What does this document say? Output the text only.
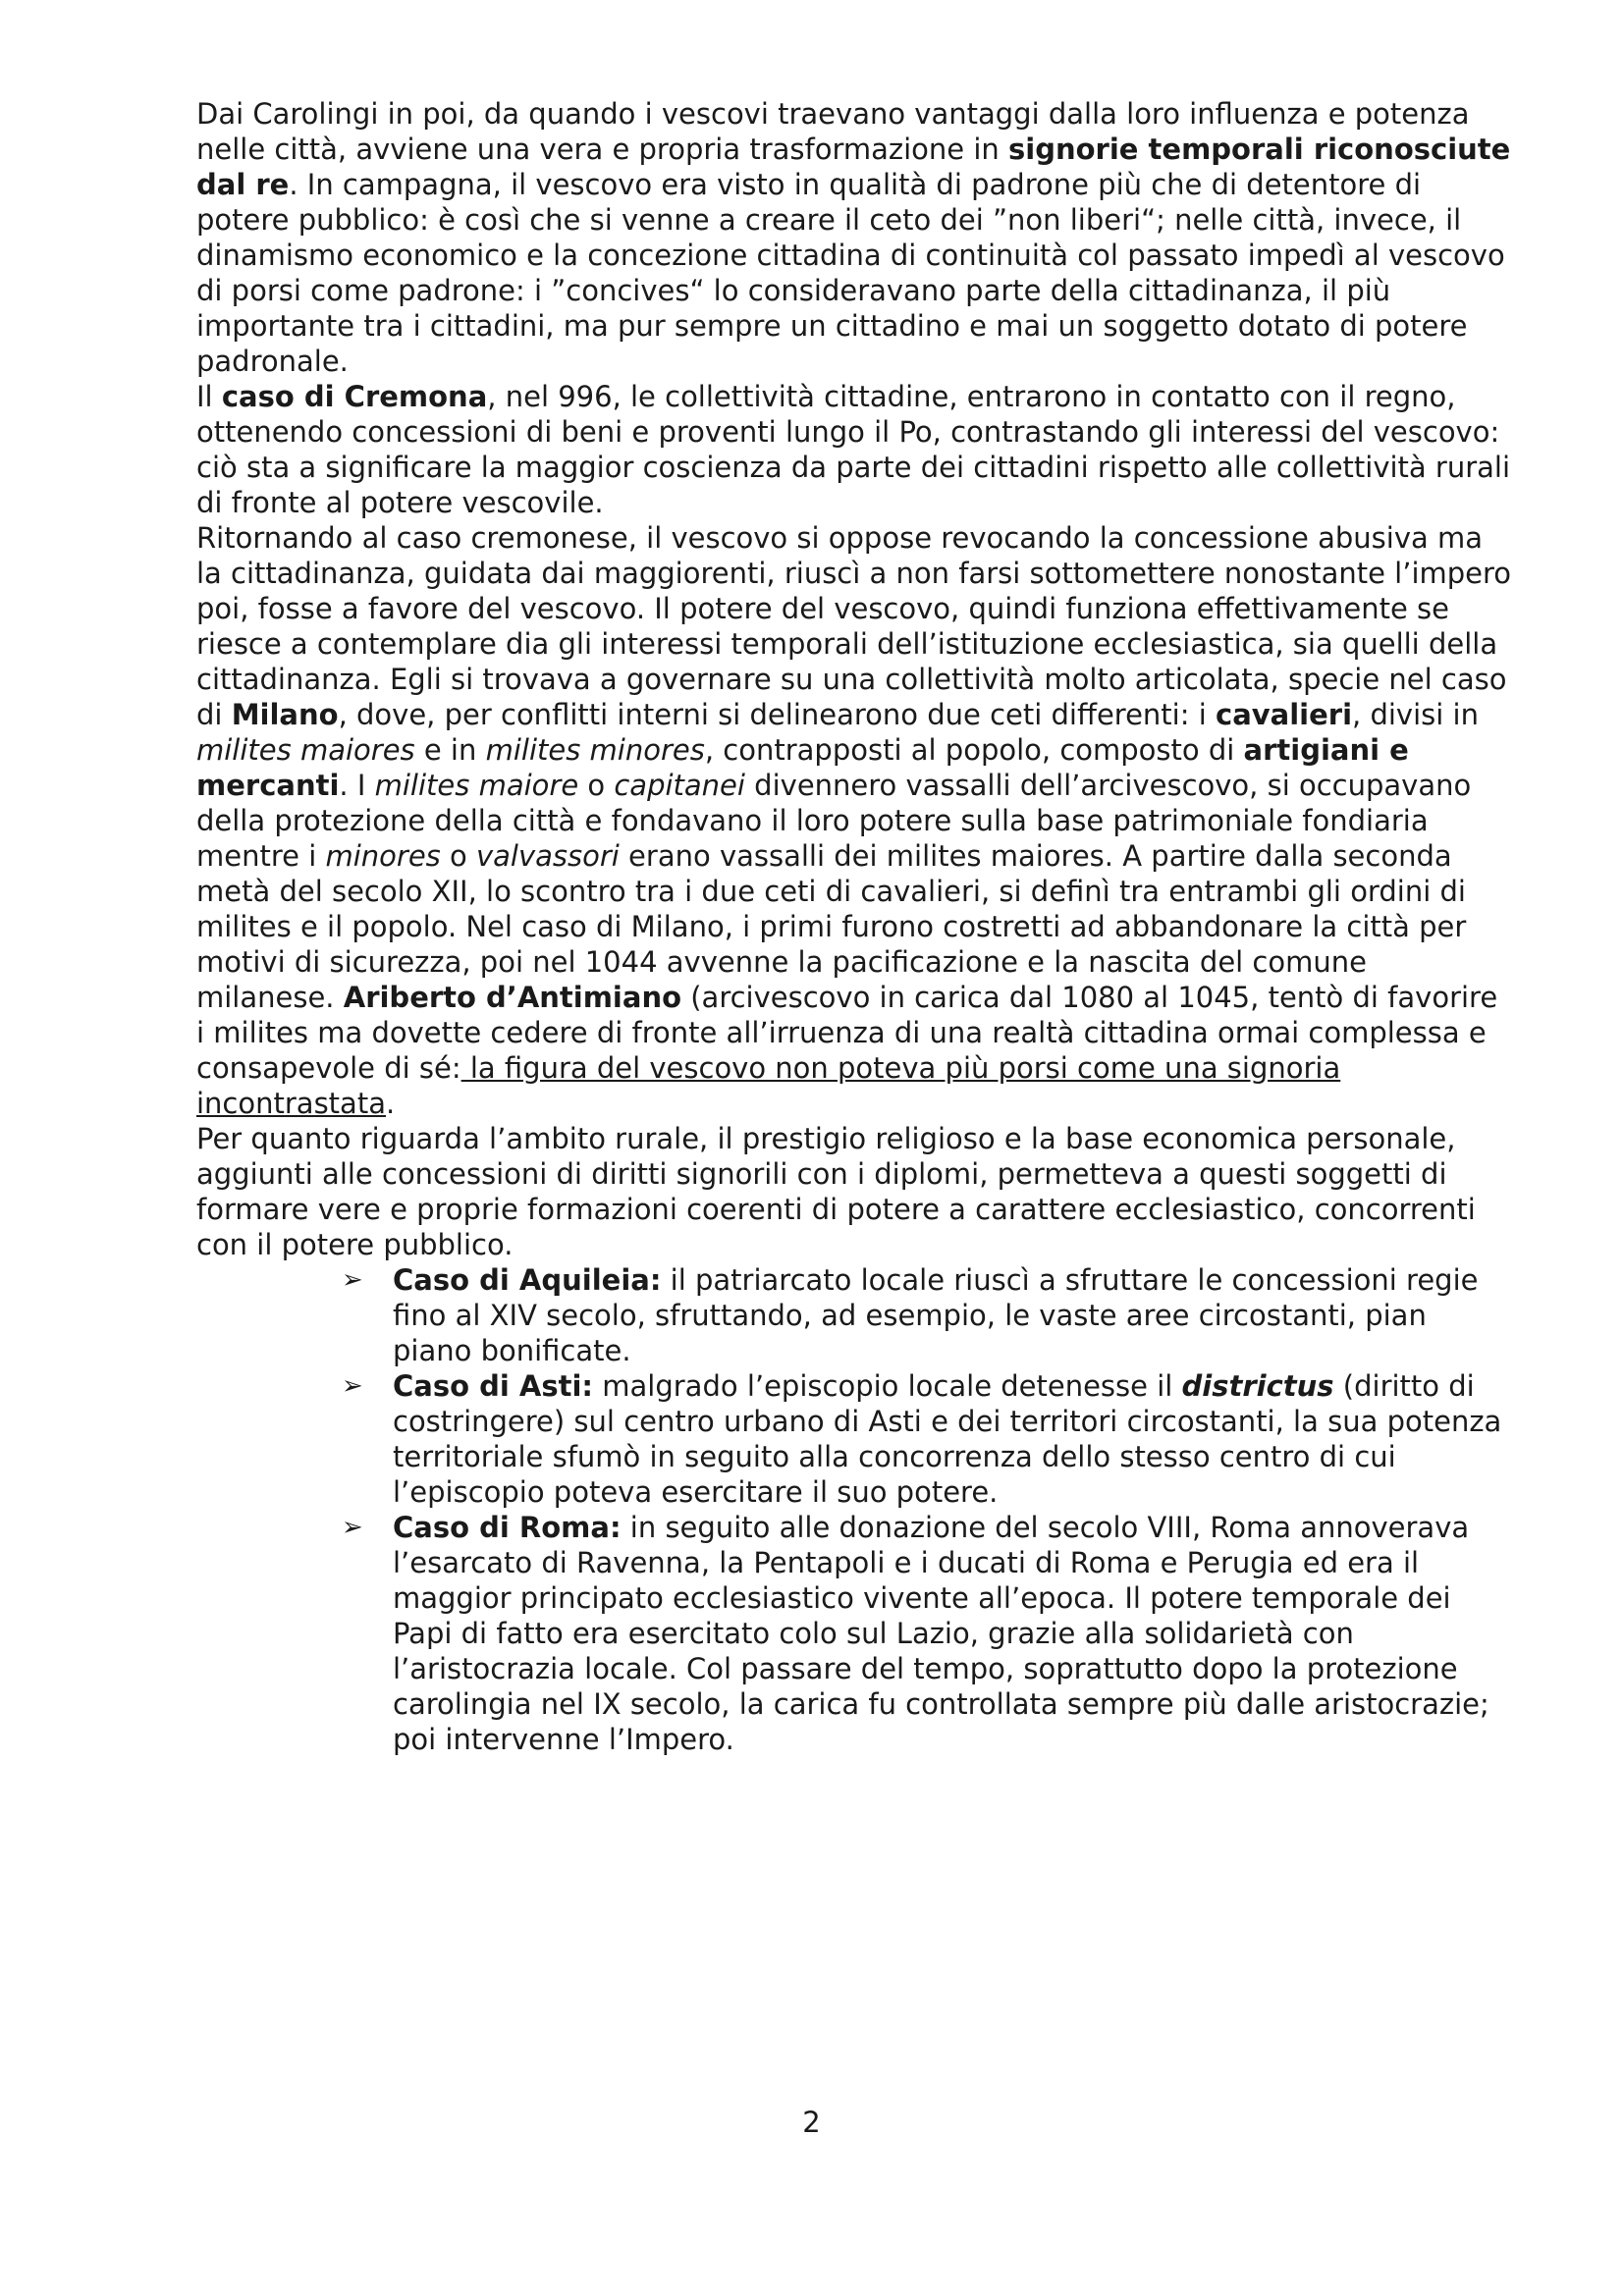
Dai Carolingi in poi, da quando i vescovi traevano vantaggi dalla loro influenza e potenza nelle città, avviene una vera e propria trasformazione in signorie temporali riconosciute dal re. In campagna, il vescovo era visto in qualità di padrone più che di detentore di potere pubblico: è così che si venne a creare il ceto dei ”non liberi“; nelle città, invece, il dinamismo economico e la concezione cittadina di continuità col passato impedì al vescovo di porsi come padrone: i ”concives“ lo consideravano parte della cittadinanza, il più importante tra i cittadini, ma pur sempre un cittadino e mai un soggetto dotato di potere padronale.

Il caso di Cremona, nel 996, le collettività cittadine, entrarono in contatto con il regno, ottenendo concessioni di beni e proventi lungo il Po, contrastando gli interessi del vescovo: ciò sta a significare la maggior coscienza da parte dei cittadini rispetto alle collettività rurali di fronte al potere vescovile.

Ritornando al caso cremonese, il vescovo si oppose revocando la concessione abusiva ma la cittadinanza, guidata dai maggiorenti, riuscì a non farsi sottomettere nonostante l’impero poi, fosse a favore del vescovo. Il potere del vescovo, quindi funziona effettivamente se riesce a contemplare dia gli interessi temporali dell’istituzione ecclesiastica, sia quelli della cittadinanza. Egli si trovava a governare su una collettività molto articolata, specie nel caso di Milano, dove, per conflitti interni si delinearono due ceti differenti: i cavalieri, divisi in milites maiores e in milites minores, contrapposti al popolo, composto di artigiani e mercanti. I milites maiore o capitanei divennero vassalli dell’arcivescovo, si occupavano della protezione della città e fondavano il loro potere sulla base patrimoniale fondiaria mentre i minores o valvassori erano vassalli dei milites maiores. A partire dalla seconda metà del secolo XII, lo scontro tra i due ceti di cavalieri, si definì tra entrambi gli ordini di milites e il popolo. Nel caso di Milano, i primi furono costretti ad abbandonare la città per motivi di sicurezza, poi nel 1044 avvenne la pacificazione e la nascita del comune milanese. Ariberto d’Antimiano (arcivescovo in carica dal 1080 al 1045, tentò di favorire i milites ma dovette cedere di fronte all’irruenza di una realtà cittadina ormai complessa e consapevole di sé: la figura del vescovo non poteva più porsi come una signoria incontrastata.

Per quanto riguarda l’ambito rurale, il prestigio religioso e la base economica personale, aggiunti alle concessioni di diritti signorili con i diplomi, permetteva a questi soggetti di formare vere e proprie formazioni coerenti di potere a carattere ecclesiastico, concorrenti con il potere pubblico.

➢ Caso di Aquileia: il patriarcato locale riuscì a sfruttare le concessioni regie fino al XIV secolo, sfruttando, ad esempio, le vaste aree circostanti, pian piano bonificate.
➢ Caso di Asti: malgrado l’episcopio locale detenesse il districtus (diritto di costringere) sul centro urbano di Asti e dei territori circostanti, la sua potenza territoriale sfumò in seguito alla concorrenza dello stesso centro di cui l’episcopio poteva esercitare il suo potere.
➢ Caso di Roma: in seguito alle donazione del secolo VIII, Roma annoverava l’esarcato di Ravenna, la Pentapoli e i ducati di Roma e Perugia ed era il maggior principato ecclesiastico vivente all’epoca. Il potere temporale dei Papi di fatto era esercitato colo sul Lazio, grazie alla solidarietà con l’aristocrazia locale. Col passare del tempo, soprattutto dopo la protezione carolingia nel IX secolo, la carica fu controllata sempre più dalle aristocrazie; poi intervenne l’Impero.
2
